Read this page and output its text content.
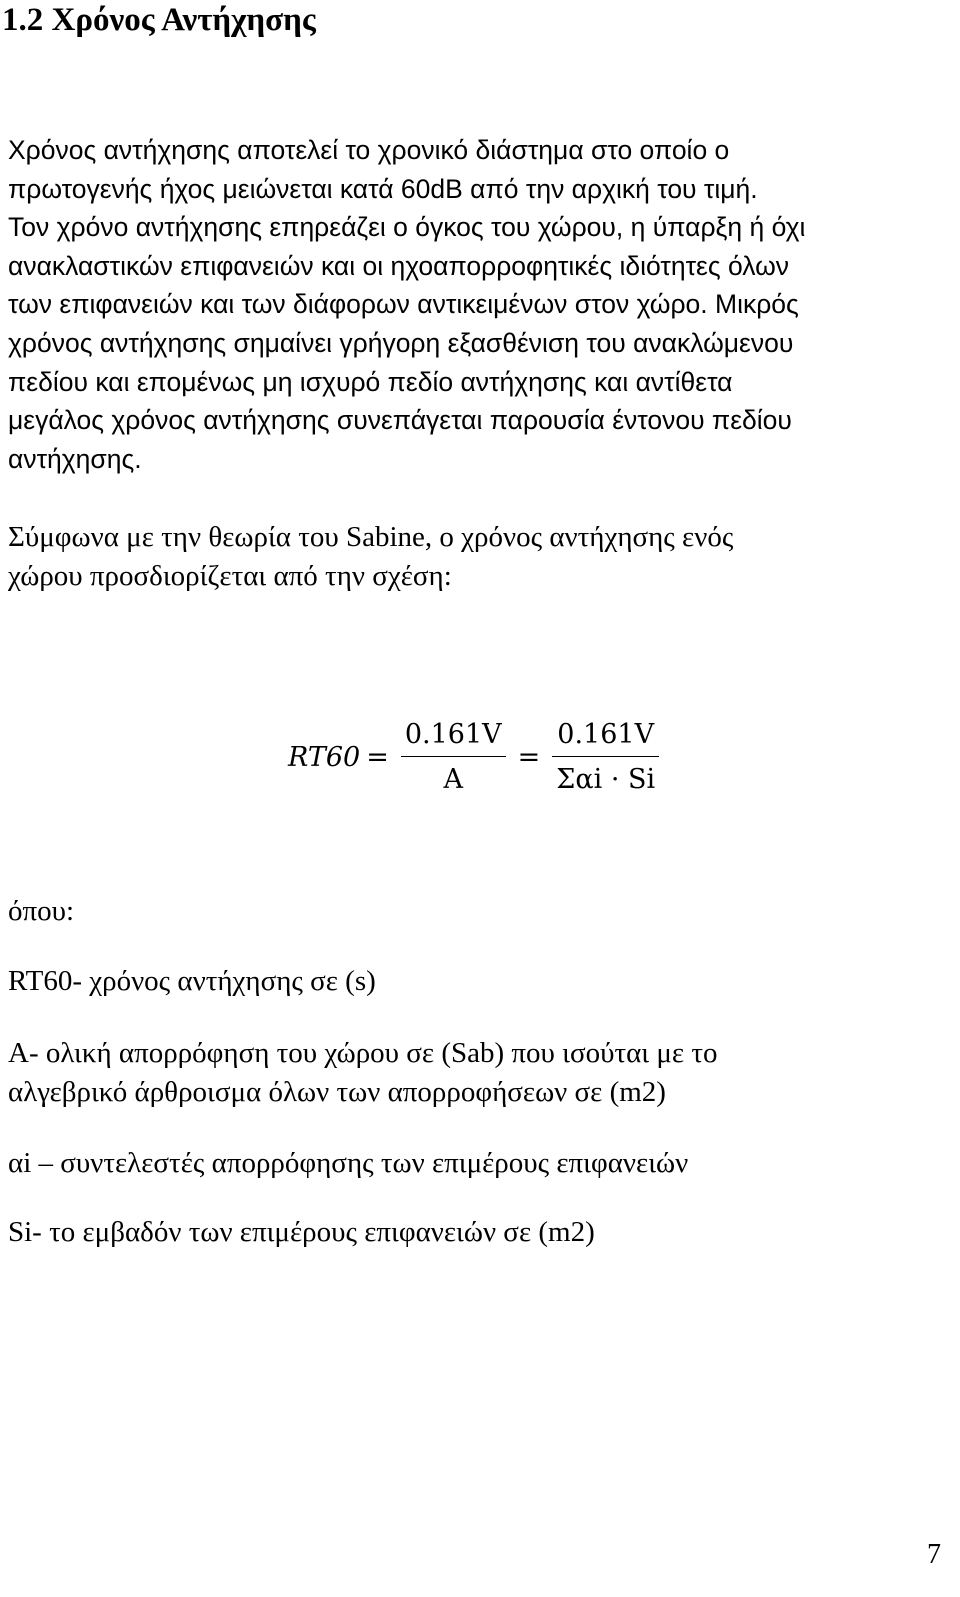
1.2 Χρόνος Αντήχησης
Χρόνος αντήχησης αποτελεί το χρονικό διάστημα στο οποίο ο
πρωτογενής ήχος μειώνεται κατά 60dB από την αρχική του τιμή.
Τον χρόνο αντήχησης επηρεάζει ο όγκος του χώρου, η ύπαρξη ή όχι
ανακλαστικών επιφανειών και οι ηχοαπορροφητικές ιδιότητες όλων
των επιφανειών και των διάφορων αντικειμένων στον χώρο. Μικρός
χρόνος αντήχησης σημαίνει γρήγορη εξασθένιση του ανακλώμενου
πεδίου και επομένως μη ισχυρό πεδίο αντήχησης και αντίθετα
μεγάλος χρόνος αντήχησης συνεπάγεται παρουσία έντονου πεδίου
αντήχησης.
Σύμφωνα με την θεωρία του Sabine, ο χρόνος αντήχησης ενός
χώρου προσδιορίζεται από την σχέση:
$RT60 = \frac{0.161V}{A} = \frac{0.161V}{\text{Σαi · Si}}$
όπου:
RT60- χρόνος αντήχησης σε (s)
A- ολική απορρόφηση του χώρου σε (Sab) που ισούται με το
αλγεβρικό άρθροισμα όλων των απορροφήσεων σε (m2)
αi – συντελεστές απορρόφησης των επιμέρους επιφανειών
Si- το εμβαδόν των επιμέρους επιφανειών σε (m2)
7
